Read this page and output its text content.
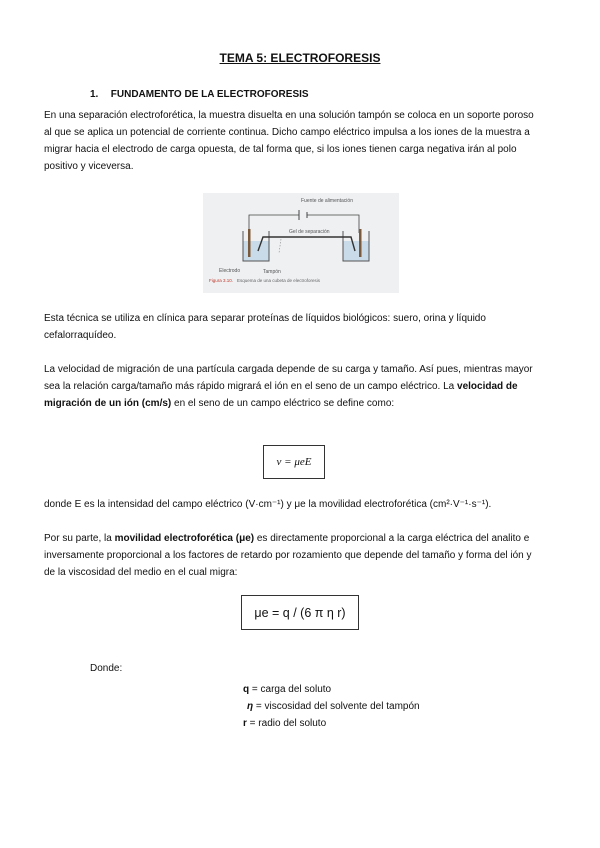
TEMA 5: ELECTROFORESIS
1. FUNDAMENTO DE LA ELECTROFORESIS
En una separación electroforética, la muestra disuelta en una solución tampón se coloca en un soporte poroso al que se aplica un potencial de corriente continua. Dicho campo eléctrico impulsa a los iones de la muestra a migrar hacia el electrodo de carga opuesta, de tal forma que, si los iones tienen carga negativa irán al polo positivo y viceversa.
Fuente de alimentación
Gel de separación
Electrodo	Tampón
Figura 3.10. Esquema de una cubeta de electroforesis
Esta técnica se utiliza en clínica para separar proteínas de líquidos biológicos: suero, orina y líquido cefalorraquídeo.
La velocidad de migración de una partícula cargada depende de su carga y tamaño. Así pues, mientras mayor sea la relación carga/tamaño más rápido migrará el ión en el seno de un campo eléctrico. La velocidad de migración de un ión (cm/s) en el seno de un campo eléctrico se define como:
v = μeE
donde E es la intensidad del campo eléctrico (V·cm⁻¹) y μe la movilidad electroforética (cm²·V⁻¹·s⁻¹).
Por su parte, la movilidad electroforética (μe) es directamente proporcional a la carga eléctrica del analito e inversamente proporcional a los factores de retardo por rozamiento que depende del tamaño y forma del ión y de la viscosidad del medio en el cual migra:
μe = q / (6 π η r)
Donde:
q = carga del soluto
η = viscosidad del solvente del tampón
r = radio del soluto
